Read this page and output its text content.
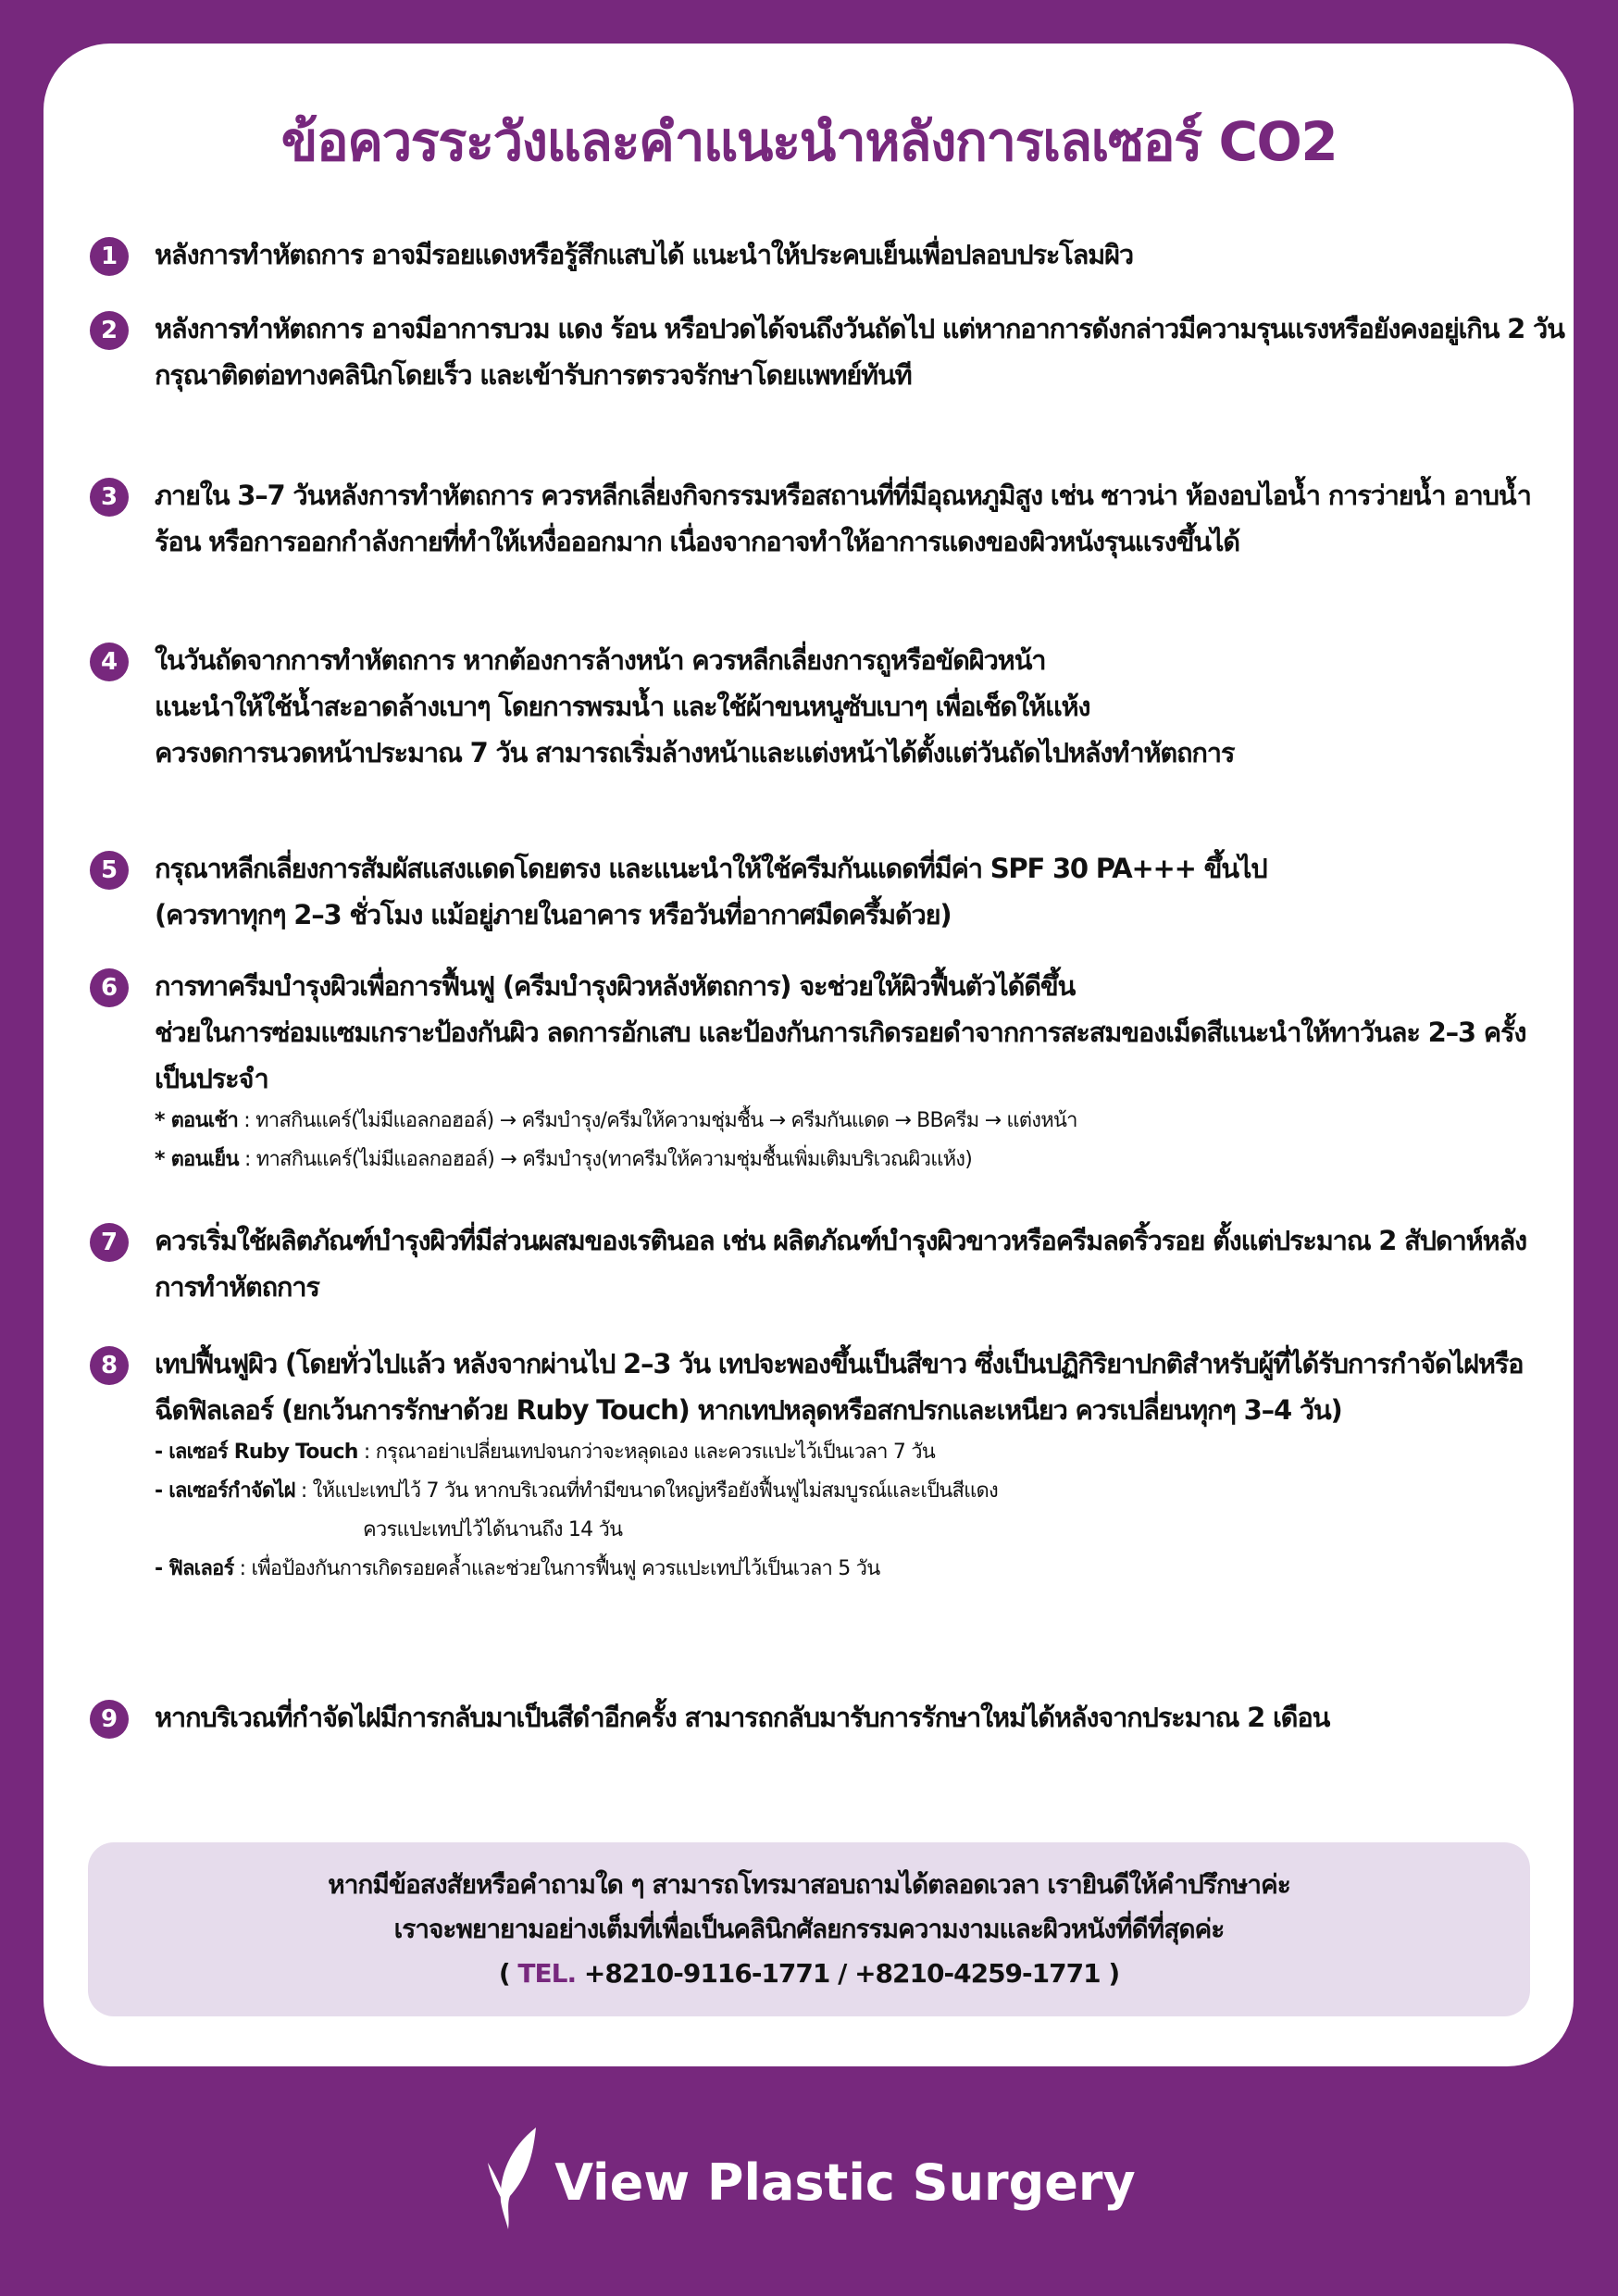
ข้อควรระวังและคำแนะนำหลังการเลเซอร์ CO2
1	หลังการทำหัตถการ อาจมีรอยแดงหรือรู้สึกแสบได้ แนะนำให้ประคบเย็นเพื่อปลอบประโลมผิว
2	หลังการทำหัตถการ อาจมีอาการบวม แดง ร้อน หรือปวดได้จนถึงวันถัดไป แต่หากอาการดังกล่าวมีความรุนแรงหรือยังคงอยู่เกิน 2 วัน กรุณาติดต่อทางคลินิกโดยเร็ว และเข้ารับการตรวจรักษาโดยแพทย์ทันที
3	ภายใน 3–7 วันหลังการทำหัตถการ ควรหลีกเลี่ยงกิจกรรมหรือสถานที่ที่มีอุณหภูมิสูง เช่น ซาวน่า ห้องอบไอน้ำ การว่ายน้ำ อาบน้ำร้อน หรือการออกกำลังกายที่ทำให้เหงื่อออกมาก เนื่องจากอาจทำให้อาการแดงของผิวหนังรุนแรงขึ้นได้
4	ในวันถัดจากการทำหัตถการ หากต้องการล้างหน้า ควรหลีกเลี่ยงการถูหรือขัดผิวหน้า
แนะนำให้ใช้น้ำสะอาดล้างเบาๆ โดยการพรมน้ำ และใช้ผ้าขนหนูซับเบาๆ เพื่อเช็ดให้แห้ง
ควรงดการนวดหน้าประมาณ 7 วัน สามารถเริ่มล้างหน้าและแต่งหน้าได้ตั้งแต่วันถัดไปหลังทำหัตถการ
5	กรุณาหลีกเลี่ยงการสัมผัสแสงแดดโดยตรง และแนะนำให้ใช้ครีมกันแดดที่มีค่า SPF 30 PA+++ ขึ้นไป
(ควรทาทุกๆ 2–3 ชั่วโมง แม้อยู่ภายในอาคาร หรือวันที่อากาศมืดครึ้มด้วย)
6	การทาครีมบำรุงผิวเพื่อการฟื้นฟู (ครีมบำรุงผิวหลังหัตถการ) จะช่วยให้ผิวฟื้นตัวได้ดีขึ้น
ช่วยในการซ่อมแซมเกราะป้องกันผิว ลดการอักเสบ และป้องกันการเกิดรอยดำจากการสะสมของเม็ดสีแนะนำให้ทาวันละ 2–3 ครั้ง เป็นประจำ
* ตอนเช้า : ทาสกินแคร์(ไม่มีแอลกอฮอล์) → ครีมบำรุง/ครีมให้ความชุ่มชื้น → ครีมกันแดด → BBครีม → แต่งหน้า
* ตอนเย็น : ทาสกินแคร์(ไม่มีแอลกอฮอล์) → ครีมบำรุง(ทาครีมให้ความชุ่มชื้นเพิ่มเติมบริเวณผิวแห้ง)
7	ควรเริ่มใช้ผลิตภัณฑ์บำรุงผิวที่มีส่วนผสมของเรตินอล เช่น ผลิตภัณฑ์บำรุงผิวขาวหรือครีมลดริ้วรอย ตั้งแต่ประมาณ 2 สัปดาห์หลังการทำหัตถการ
8	เทปฟื้นฟูผิว (โดยทั่วไปแล้ว หลังจากผ่านไป 2–3 วัน เทปจะพองขึ้นเป็นสีขาว ซึ่งเป็นปฏิกิริยาปกติสำหรับผู้ที่ได้รับการกำจัดไฝหรือฉีดฟิลเลอร์ (ยกเว้นการรักษาด้วย Ruby Touch) หากเทปหลุดหรือสกปรกและเหนียว ควรเปลี่ยนทุกๆ 3–4 วัน)
- เลเซอร์ Ruby Touch : กรุณาอย่าเปลี่ยนเทปจนกว่าจะหลุดเอง และควรแปะไว้เป็นเวลา 7 วัน
- เลเซอร์กำจัดไฝ : ให้แปะเทปไว้ 7 วัน หากบริเวณที่ทำมีขนาดใหญ่หรือยังฟื้นฟูไม่สมบูรณ์และเป็นสีแดง
ควรแปะเทปไว้ได้นานถึง 14 วัน
- ฟิลเลอร์ : เพื่อป้องกันการเกิดรอยคล้ำและช่วยในการฟื้นฟู ควรแปะเทปไว้เป็นเวลา 5 วัน
9	หากบริเวณที่กำจัดไฝมีการกลับมาเป็นสีดำอีกครั้ง สามารถกลับมารับการรักษาใหม่ได้หลังจากประมาณ 2 เดือน
หากมีข้อสงสัยหรือคำถามใด ๆ สามารถโทรมาสอบถามได้ตลอดเวลา เรายินดีให้คำปรึกษาค่ะ
เราจะพยายามอย่างเต็มที่เพื่อเป็นคลินิกศัลยกรรมความงามและผิวหนังที่ดีที่สุดค่ะ
( TEL. +8210-9116-1771 / +8210-4259-1771 )
View Plastic Surgery
